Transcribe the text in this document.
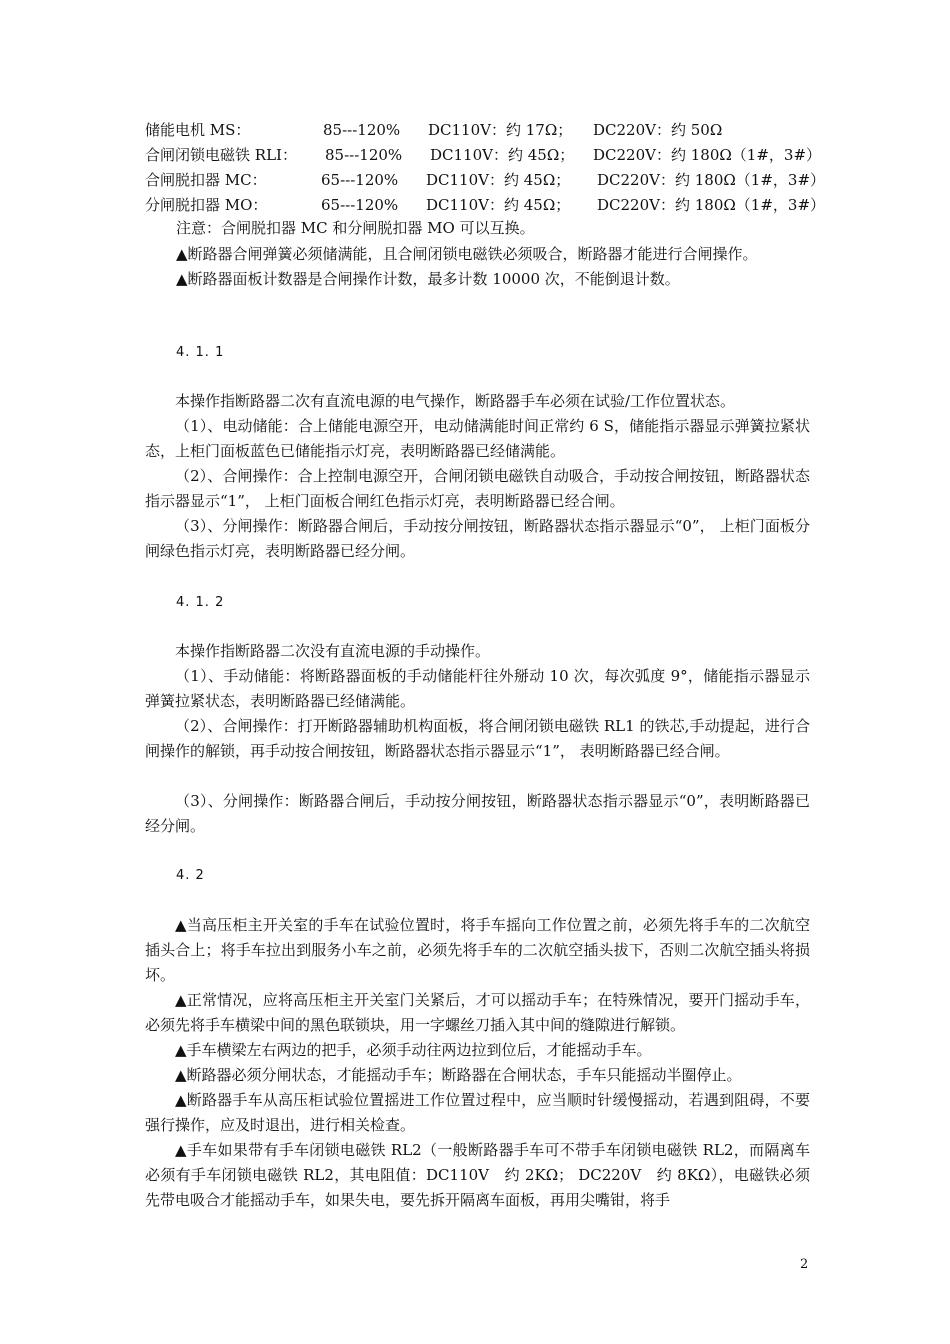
储能电机 MS：	85---120% DC110V：约 17Ω； DC220V：约 50Ω
合闸闭锁电磁铁 RLI： 85---120% DC110V：约 45Ω； DC220V：约 180Ω（1#，3#）
合闸脱扣器 MC：	65---120% DC110V：约 45Ω； DC220V：约 180Ω（1#，3#）
分闸脱扣器 MO：	65---120% DC110V：约 45Ω； DC220V：约 180Ω（1#，3#）
注意：合闸脱扣器 MC 和分闸脱扣器 MO 可以互换。
▲断路器合闸弹簧必须储满能，且合闸闭锁电磁铁必须吸合，断路器才能进行合闸操作。
▲断路器面板计数器是合闸操作计数，最多计数 10000 次，不能倒退计数。
4. 1. 1
本操作指断路器二次有直流电源的电气操作，断路器手车必须在试验/工作位置状态。
（1）、电动储能：合上储能电源空开，电动储满能时间正常约 6 S，储能指示器显示弹簧拉紧状态，上柜门面板蓝色已储能指示灯亮，表明断路器已经储满能。
（2）、合闸操作：合上控制电源空开，合闸闭锁电磁铁自动吸合，手动按合闸按钮，断路器状态指示器显示“1”， 上柜门面板合闸红色指示灯亮，表明断路器已经合闸。
（3）、分闸操作：断路器合闸后，手动按分闸按钮，断路器状态指示器显示“0”， 上柜门面板分闸绿色指示灯亮，表明断路器已经分闸。
4. 1. 2
本操作指断路器二次没有直流电源的手动操作。
（1）、手动储能：将断路器面板的手动储能杆往外掰动 10 次，每次弧度 9°，储能指示器显示弹簧拉紧状态，表明断路器已经储满能。
（2）、合闸操作：打开断路器辅助机构面板，将合闸闭锁电磁铁 RL1 的铁芯,手动提起，进行合闸操作的解锁，再手动按合闸按钮，断路器状态指示器显示“1”， 表明断路器已经合闸。
（3）、分闸操作：断路器合闸后，手动按分闸按钮，断路器状态指示器显示“0”，表明断路器已经分闸。
4. 2
▲当高压柜主开关室的手车在试验位置时，将手车摇向工作位置之前，必须先将手车的二次航空插头合上；将手车拉出到服务小车之前，必须先将手车的二次航空插头拔下，否则二次航空插头将损坏。
▲正常情况，应将高压柜主开关室门关紧后，才可以摇动手车；在特殊情况，要开门摇动手车，必须先将手车横梁中间的黑色联锁块，用一字螺丝刀插入其中间的缝隙进行解锁。
▲手车横梁左右两边的把手，必须手动往两边拉到位后，才能摇动手车。
▲断路器必须分闸状态，才能摇动手车；断路器在合闸状态，手车只能摇动半圈停止。
▲断路器手车从高压柜试验位置摇进工作位置过程中，应当顺时针缓慢摇动，若遇到阻碍，不要强行操作，应及时退出，进行相关检查。
▲手车如果带有手车闭锁电磁铁 RL2（一般断路器手车可不带手车闭锁电磁铁 RL2，而隔离车必须有手车闭锁电磁铁 RL2，其电阻值：DC110V　约 2KΩ； DC220V　约 8KΩ），电磁铁必须先带电吸合才能摇动手车，如果失电，要先拆开隔离车面板，再用尖嘴钳，将手
2
